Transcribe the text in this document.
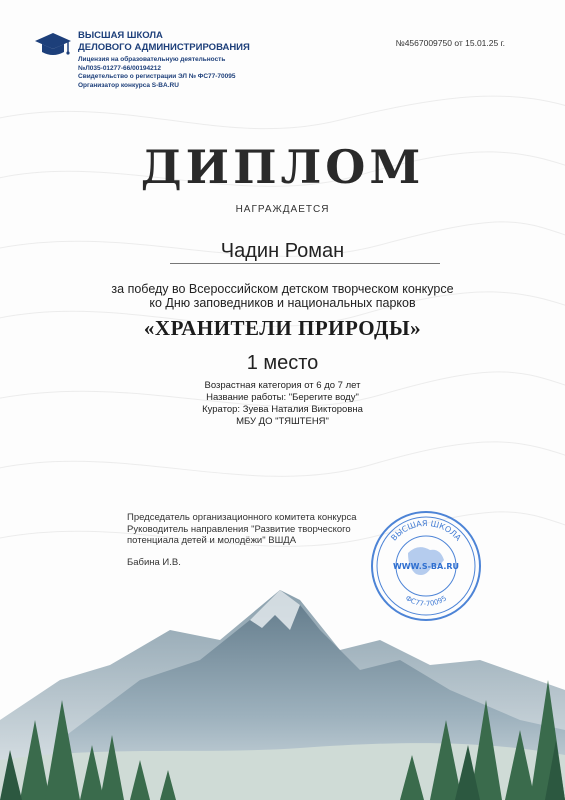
ВЫСШАЯ ШКОЛА
ДЕЛОВОГО АДМИНИСТРИРОВАНИЯ
Лицензия на образовательную деятельность
№Л035-01277-66/00194212
Свидетельство о регистрации ЭЛ № ФС77-70095
Организатор конкурса S-BA.RU
№4567009750 от 15.01.25 г.
ДИПЛОМ
НАГРАЖДАЕТСЯ
Чадин Роман
за победу во Всероссийском детском творческом конкурсе
ко Дню заповедников и национальных парков
«ХРАНИТЕЛИ ПРИРОДЫ»
1 место
Возрастная категория от 6 до 7 лет
Название работы: "Берегите воду"
Куратор: Зуева Наталия Викторовна
МБУ ДО "ТЯШТЕНЯ"
Председатель организационного комитета конкурса
Руководитель направления "Развитие творческого
потенциала детей и молодёжи" ВШДА
Бабина И.В.
ВЫСШАЯ ШКОЛА
ФС77-70095
WWW.S-BA.RU
